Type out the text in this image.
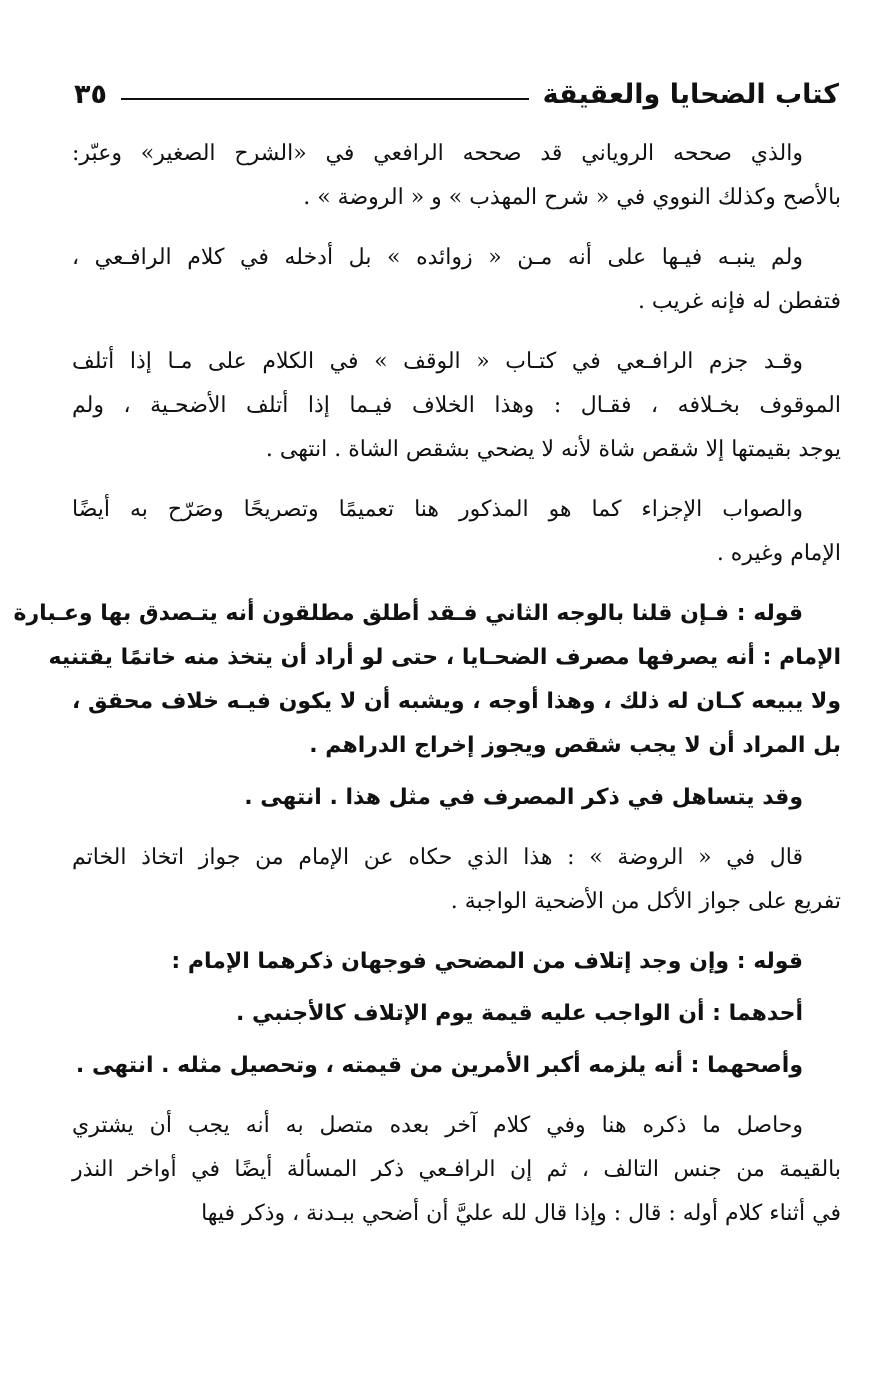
كتاب الضحايا والعقيقة
٣٥
والذي صححه الروياني قد صححه الرافعي في «الشرح الصغير» وعبّر:
بالأصح وكذلك النووي في « شرح المهذب » و « الروضة » .
ولم ينبـه فيـها على أنه مـن « زوائده » بل أدخله في كلام الرافـعي ،
فتفطن له فإنه غريب .
وقـد جزم الرافـعي في كتـاب « الوقف » في الكلام على مـا إذا أتلف
الموقوف بخـلافه ، فقـال : وهذا الخلاف فيـما إذا أتلف الأضحـية ، ولم
يوجد بقيمتها إلا شقص شاة لأنه لا يضحي بشقص الشاة . انتهى .
والصواب الإجزاء كما هو المذكور هنا تعميمًا وتصريحًا وصَرّح به أيضًا
الإمام وغيره .
قوله : فـإن قلنا بالوجه الثاني فـقد أطلق مطلقون أنه يتـصدق بها وعـبارة
الإمام : أنه يصرفها مصرف الضحـايا ، حتى لو أراد أن يتخذ منه خاتمًا يقتنيه
ولا يبيعه كـان له ذلك ، وهذا أوجه ، ويشبه أن لا يكون فيـه خلاف محقق ،
بل المراد أن لا يجب شقص ويجوز إخراج الدراهم .
وقد يتساهل في ذكر المصرف في مثل هذا . انتهى .
قال في « الروضة » : هذا الذي حكاه عن الإمام من جواز اتخاذ الخاتم
تفريع على جواز الأكل من الأضحية الواجبة .
قوله : وإن وجد إتلاف من المضحي فوجهان ذكرهما الإمام :
أحدهما : أن الواجب عليه قيمة يوم الإتلاف كالأجنبي .
وأصحهما : أنه يلزمه أكبر الأمرين من قيمته ، وتحصيل مثله . انتهى .
وحاصل ما ذكره هنا وفي كلام آخر بعده متصل به أنه يجب أن يشتري
بالقيمة من جنس التالف ، ثم إن الرافـعي ذكر المسألة أيضًا في أواخر النذر
في أثناء كلام أوله : قال : وإذا قال لله عليَّ أن أضحي ببـدنة ، وذكر فيها
